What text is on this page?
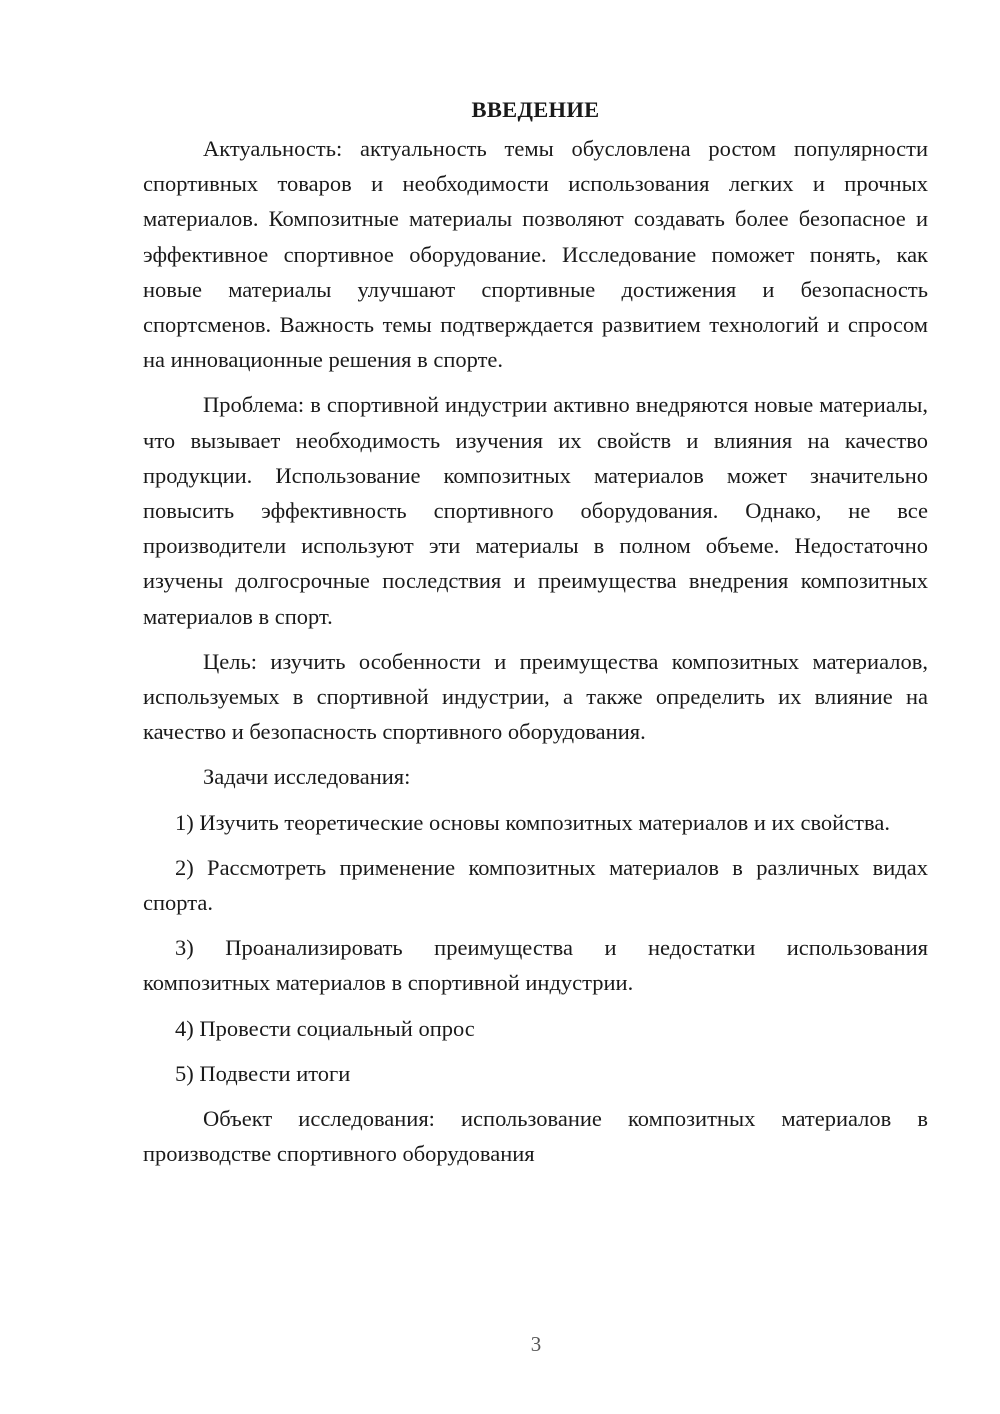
ВВЕДЕНИЕ

Актуальность: актуальность темы обусловлена ростом популярности спортивных товаров и необходимости использования легких и прочных материалов. Композитные материалы позволяют создавать более безопасное и эффективное спортивное оборудование. Исследование поможет понять, как новые материалы улучшают спортивные достижения и безопасность спортсменов. Важность темы подтверждается развитием технологий и спросом на инновационные решения в спорте.

Проблема: в спортивной индустрии активно внедряются новые материалы, что вызывает необходимость изучения их свойств и влияния на качество продукции. Использование композитных материалов может значительно повысить эффективность спортивного оборудования. Однако, не все производители используют эти материалы в полном объеме. Недостаточно изучены долгосрочные последствия и преимущества внедрения композитных материалов в спорт.

Цель: изучить особенности и преимущества композитных материалов, используемых в спортивной индустрии, а также определить их влияние на качество и безопасность спортивного оборудования.

Задачи исследования:

1) Изучить теоретические основы композитных материалов и их свойства.

2) Рассмотреть применение композитных материалов в различных видах спорта.

3) Проанализировать преимущества и недостатки использования композитных материалов в спортивной индустрии.

4) Провести социальный опрос

5) Подвести итоги

Объект исследования: использование композитных материалов в производстве спортивного оборудования

3
